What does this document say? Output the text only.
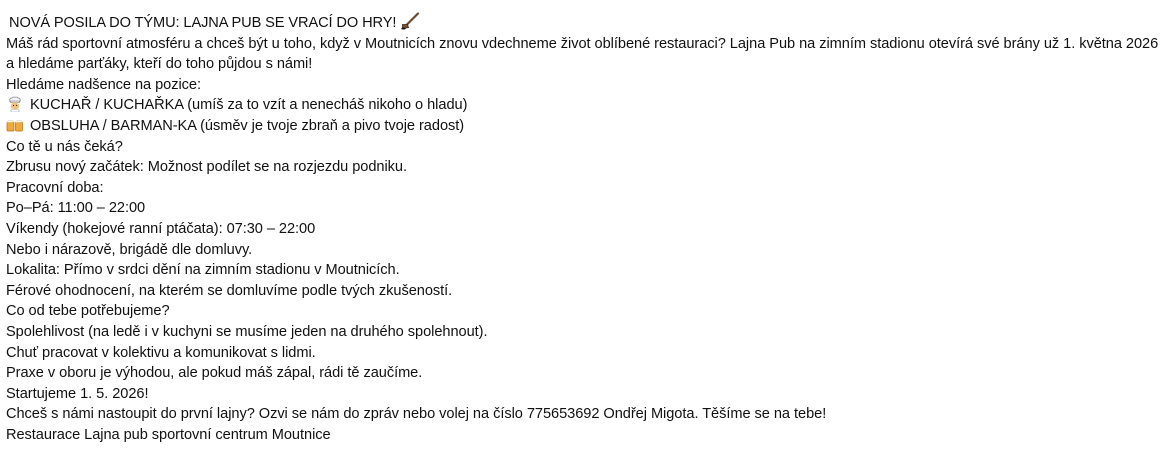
NOVÁ POSILA DO TÝMU: LAJNA PUB SE VRACÍ DO HRY!
Máš rád sportovní atmosféru a chceš být u toho, když v Moutnicích znovu vdechneme život oblíbené restauraci? Lajna Pub na zimním stadionu otevírá své brány už 1. května 2026 a hledáme parťáky, kteří do toho půjdou s námi!
Hledáme nadšence na pozice:
KUCHAŘ / KUCHAŘKA (umíš za to vzít a nenecháš nikoho o hladu)
OBSLUHA / BARMAN-KA (úsměv je tvoje zbraň a pivo tvoje radost)
Co tě u nás čeká?
Zbrusu nový začátek: Možnost podílet se na rozjezdu podniku.
Pracovní doba:
Po–Pá: 11:00 – 22:00
Víkendy (hokejové ranní ptáčata): 07:30 – 22:00
Nebo i nárazově, brigádě dle domluvy.
Lokalita: Přímo v srdci dění na zimním stadionu v Moutnicích.
Férové ohodnocení, na kterém se domluvíme podle tvých zkušeností.
Co od tebe potřebujeme?
Spolehlivost (na ledě i v kuchyni se musíme jeden na druhého spolehnout).
Chuť pracovat v kolektivu a komunikovat s lidmi.
Praxe v oboru je výhodou, ale pokud máš zápal, rádi tě zaučíme.
Startujeme 1. 5. 2026!
Chceš s námi nastoupit do první lajny? Ozvi se nám do zpráv nebo volej na číslo 775653692 Ondřej Migota. Těšíme se na tebe!
Restaurace Lajna pub sportovní centrum Moutnice
